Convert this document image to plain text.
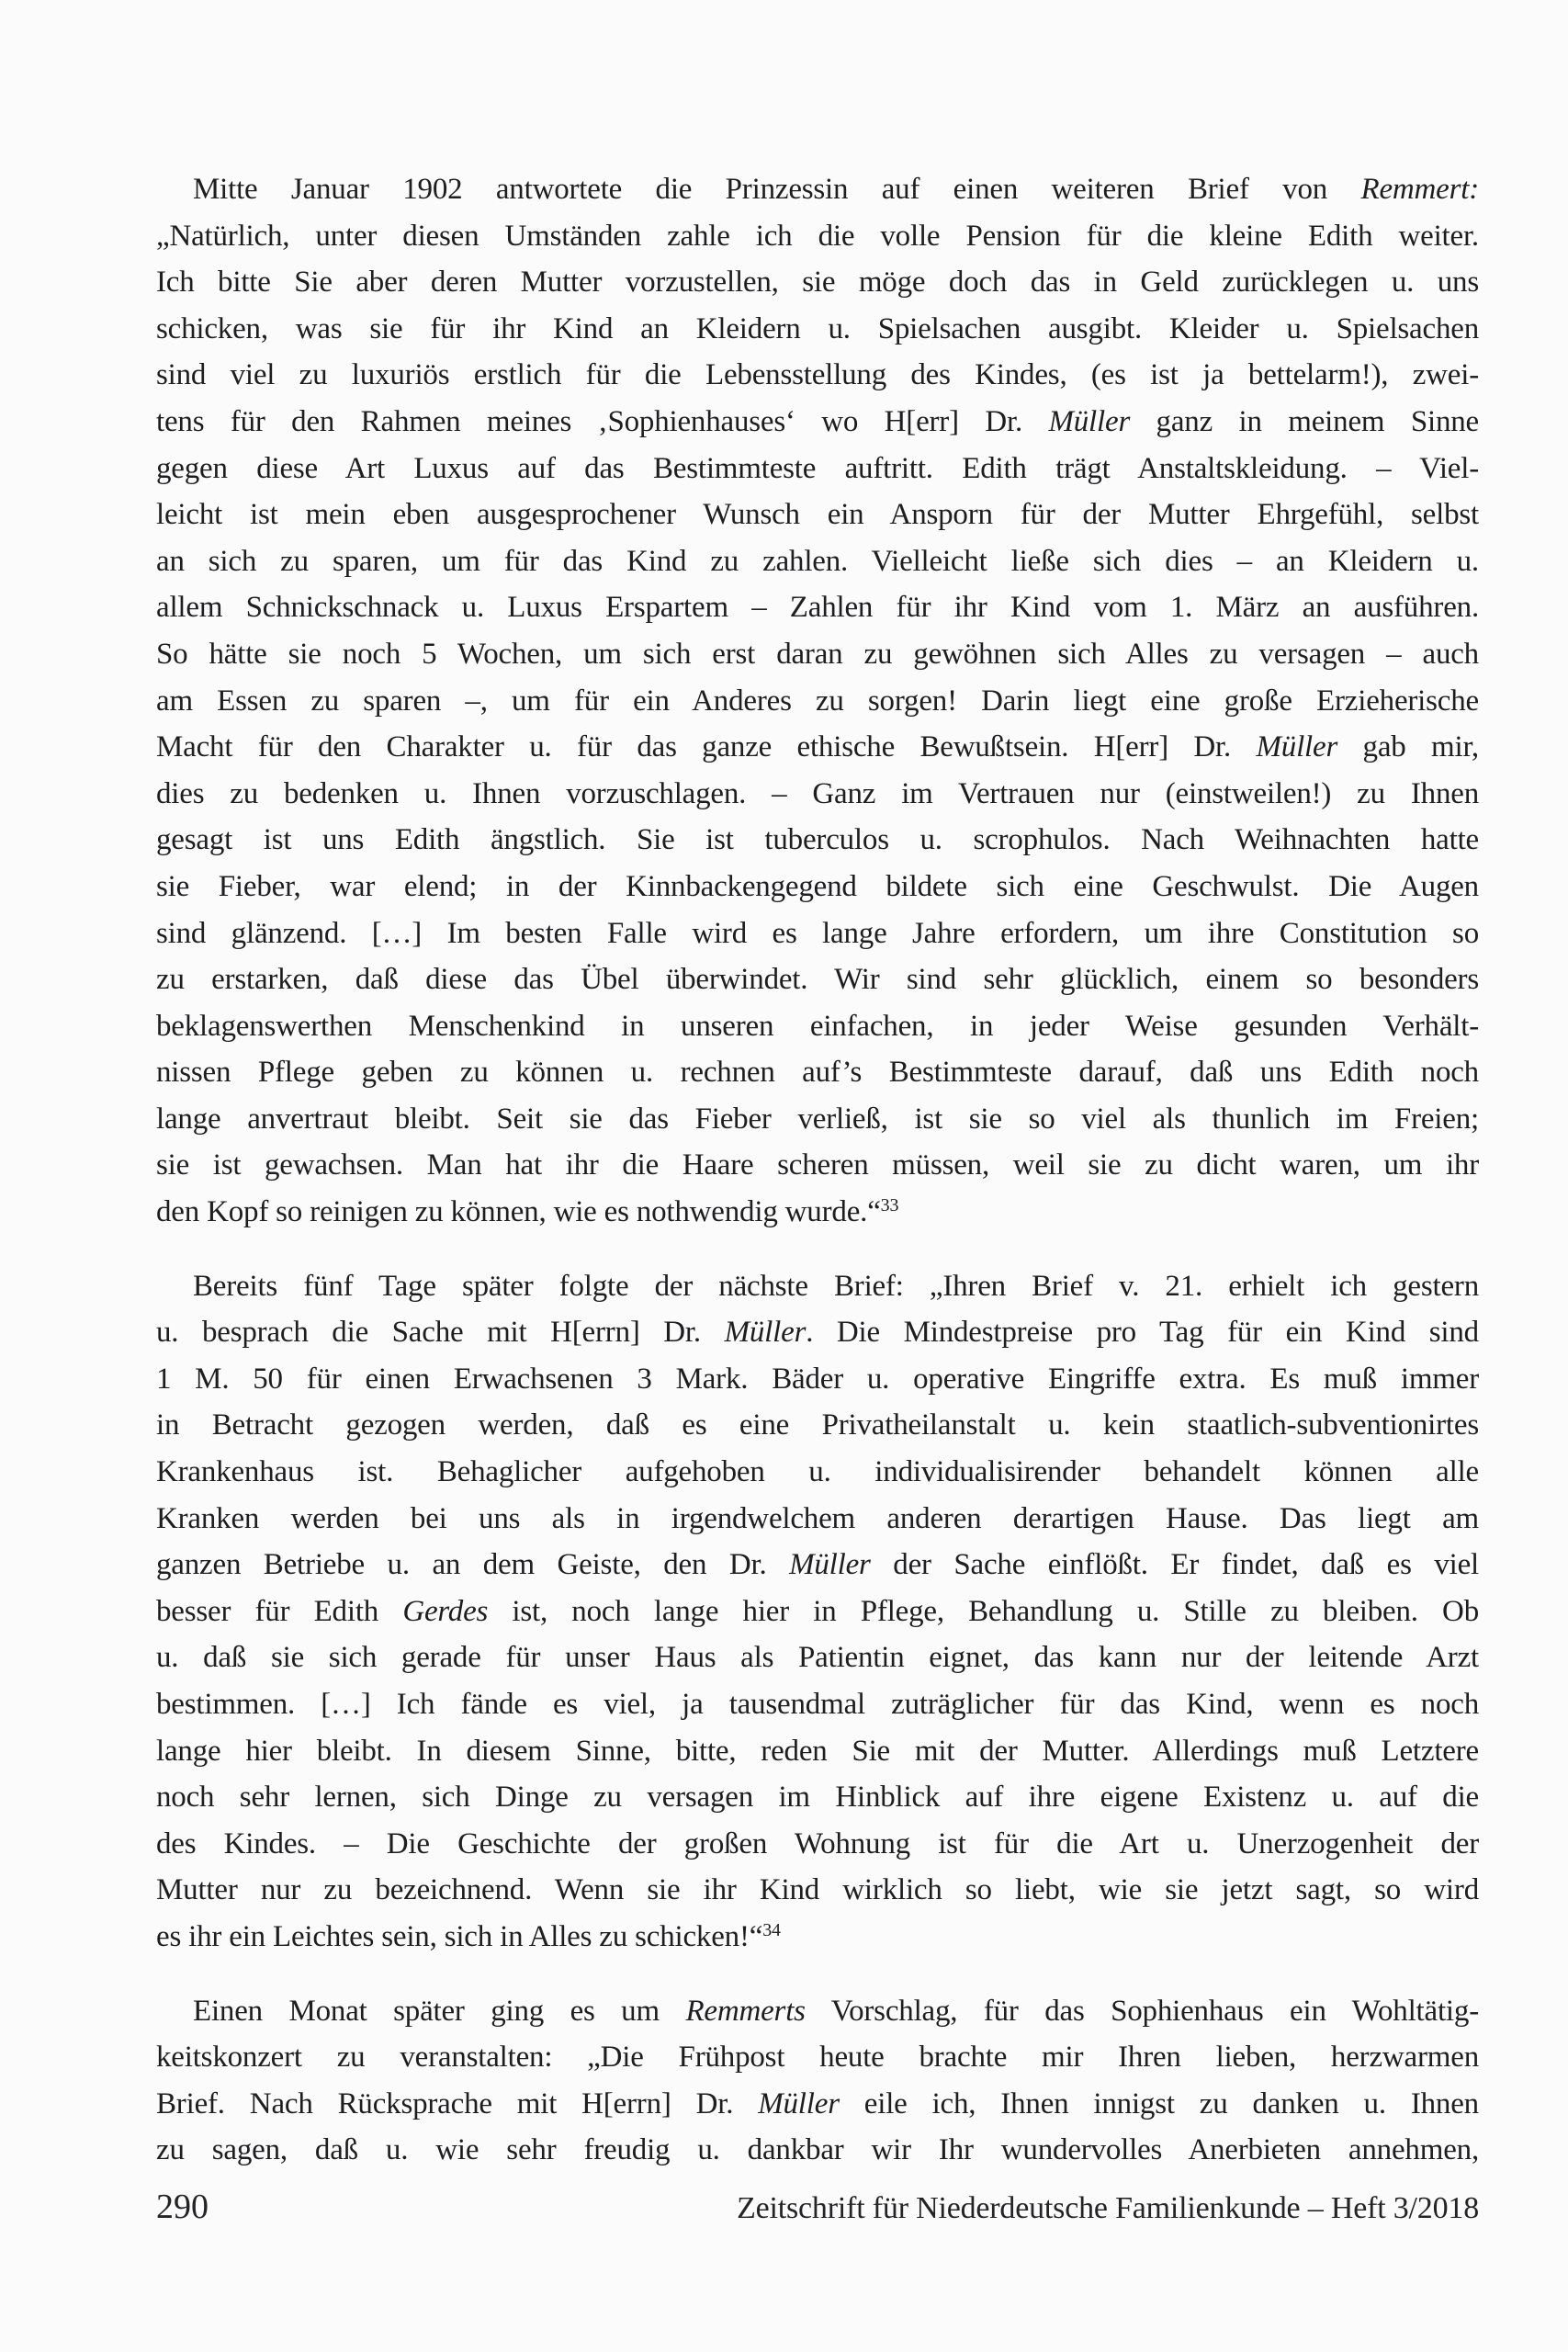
Mitte Januar 1902 antwortete die Prinzessin auf einen weiteren Brief von Remmert:
„Natürlich, unter diesen Umständen zahle ich die volle Pension für die kleine Edith weiter.
Ich bitte Sie aber deren Mutter vorzustellen, sie möge doch das in Geld zurücklegen u. uns
schicken, was sie für ihr Kind an Kleidern u. Spielsachen ausgibt. Kleider u. Spielsachen
sind viel zu luxuriös erstlich für die Lebensstellung des Kindes, (es ist ja bettelarm!), zwei-
tens für den Rahmen meines ‚Sophienhauses‘ wo H[err] Dr. Müller ganz in meinem Sinne
gegen diese Art Luxus auf das Bestimmteste auftritt. Edith trägt Anstaltskleidung. – Viel-
leicht ist mein eben ausgesprochener Wunsch ein Ansporn für der Mutter Ehrgefühl, selbst
an sich zu sparen, um für das Kind zu zahlen. Vielleicht ließe sich dies – an Kleidern u.
allem Schnickschnack u. Luxus Erspartem – Zahlen für ihr Kind vom 1. März an ausführen.
So hätte sie noch 5 Wochen, um sich erst daran zu gewöhnen sich Alles zu versagen – auch
am Essen zu sparen –, um für ein Anderes zu sorgen! Darin liegt eine große Erzieherische
Macht für den Charakter u. für das ganze ethische Bewußtsein. H[err] Dr. Müller gab mir,
dies zu bedenken u. Ihnen vorzuschlagen. – Ganz im Vertrauen nur (einstweilen!) zu Ihnen
gesagt ist uns Edith ängstlich. Sie ist tuberculos u. scrophulos. Nach Weihnachten hatte
sie Fieber, war elend; in der Kinnbackengegend bildete sich eine Geschwulst. Die Augen
sind glänzend. […] Im besten Falle wird es lange Jahre erfordern, um ihre Constitution so
zu erstarken, daß diese das Übel überwindet. Wir sind sehr glücklich, einem so besonders
beklagenswerthen Menschenkind in unseren einfachen, in jeder Weise gesunden Verhält-
nissen Pflege geben zu können u. rechnen auf’s Bestimmteste darauf, daß uns Edith noch
lange anvertraut bleibt. Seit sie das Fieber verließ, ist sie so viel als thunlich im Freien;
sie ist gewachsen. Man hat ihr die Haare scheren müssen, weil sie zu dicht waren, um ihr
den Kopf so reinigen zu können, wie es nothwendig wurde.“$^{33}$
Bereits fünf Tage später folgte der nächste Brief: „Ihren Brief v. 21. erhielt ich gestern
u. besprach die Sache mit H[errn] Dr. Müller. Die Mindestpreise pro Tag für ein Kind sind
1 M. 50 für einen Erwachsenen 3 Mark. Bäder u. operative Eingriffe extra. Es muß immer
in Betracht gezogen werden, daß es eine Privatheilanstalt u. kein staatlich-subventionirtes
Krankenhaus ist. Behaglicher aufgehoben u. individualisirender behandelt können alle
Kranken werden bei uns als in irgendwelchem anderen derartigen Hause. Das liegt am
ganzen Betriebe u. an dem Geiste, den Dr. Müller der Sache einflößt. Er findet, daß es viel
besser für Edith Gerdes ist, noch lange hier in Pflege, Behandlung u. Stille zu bleiben. Ob
u. daß sie sich gerade für unser Haus als Patientin eignet, das kann nur der leitende Arzt
bestimmen. […] Ich fände es viel, ja tausendmal zuträglicher für das Kind, wenn es noch
lange hier bleibt. In diesem Sinne, bitte, reden Sie mit der Mutter. Allerdings muß Letztere
noch sehr lernen, sich Dinge zu versagen im Hinblick auf ihre eigene Existenz u. auf die
des Kindes. – Die Geschichte der großen Wohnung ist für die Art u. Unerzogenheit der
Mutter nur zu bezeichnend. Wenn sie ihr Kind wirklich so liebt, wie sie jetzt sagt, so wird
es ihr ein Leichtes sein, sich in Alles zu schicken!“$^{34}$
Einen Monat später ging es um Remmerts Vorschlag, für das Sophienhaus ein Wohltätig-
keitskonzert zu veranstalten: „Die Frühpost heute brachte mir Ihren lieben, herzwarmen
Brief. Nach Rücksprache mit H[errn] Dr. Müller eile ich, Ihnen innigst zu danken u. Ihnen
zu sagen, daß u. wie sehr freudig u. dankbar wir Ihr wundervolles Anerbieten annehmen,
290	Zeitschrift für Niederdeutsche Familienkunde – Heft 3/2018
